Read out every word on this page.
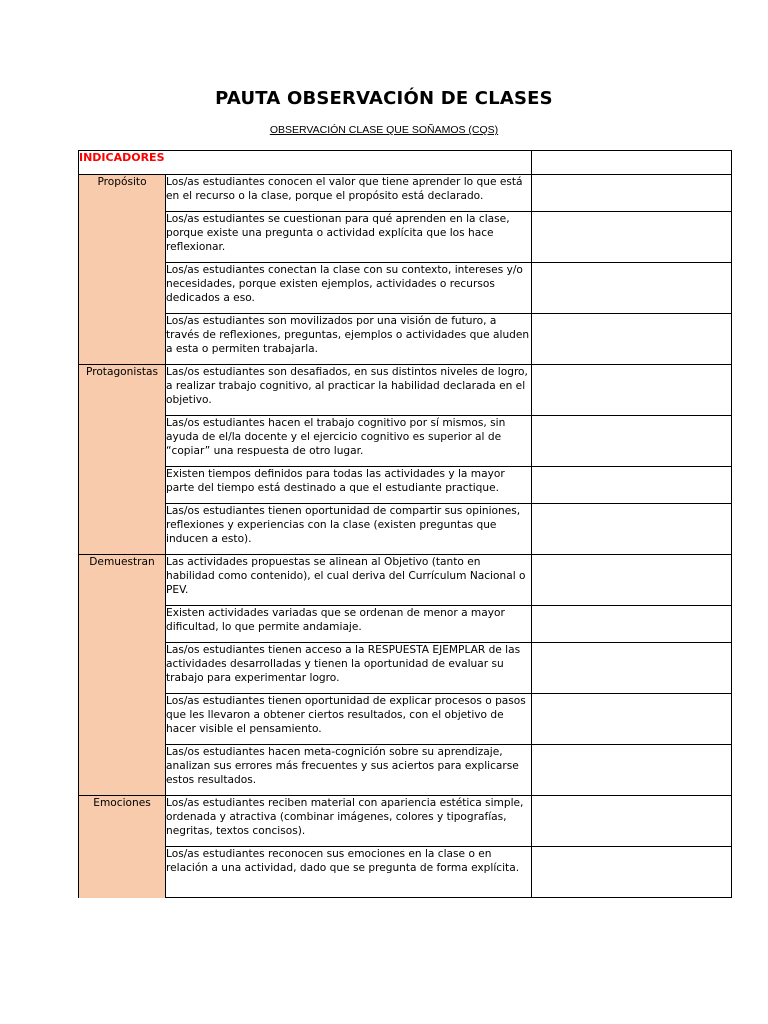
PAUTA OBSERVACIÓN DE CLASES
OBSERVACIÓN CLASE QUE SOÑAMOS (CQS)
INDICADORES		

Propósito	Los/as estudiantes conocen el valor que tiene aprender lo que está en el recurso o la clase, porque el propósito está declarado.	
	Los/as estudiantes se cuestionan para qué aprenden en la clase, porque existe una pregunta o actividad explícita que los hace reflexionar.	
	Los/as estudiantes conectan la clase con su contexto, intereses y/o necesidades, porque existen ejemplos, actividades o recursos dedicados a eso.	
	Los/as estudiantes son movilizados por una visión de futuro, a través de reflexiones, preguntas, ejemplos o actividades que aluden a esta o permiten trabajarla.	
Protagonistas	Las/os estudiantes son desafiados, en sus distintos niveles de logro, a realizar trabajo cognitivo, al practicar la habilidad declarada en el objetivo.	
	Las/os estudiantes hacen el trabajo cognitivo por sí mismos, sin ayuda de el/la docente y el ejercicio cognitivo es superior al de “copiar” una respuesta de otro lugar.	
	Existen tiempos definidos para todas las actividades y la mayor parte del tiempo está destinado a que el estudiante practique.	
	Las/os estudiantes tienen oportunidad de compartir sus opiniones, reflexiones y experiencias con la clase (existen preguntas que inducen a esto).	
Demuestran	Las actividades propuestas se alinean al Objetivo (tanto en habilidad como contenido), el cual deriva del Currículum Nacional o PEV.	
	Existen actividades variadas que se ordenan de menor a mayor dificultad, lo que permite andamiaje.	
	Las/os estudiantes tienen acceso a la RESPUESTA EJEMPLAR de las actividades desarrolladas y tienen la oportunidad de evaluar su trabajo para experimentar logro.	
	Los/as estudiantes tienen oportunidad de explicar procesos o pasos que les llevaron a obtener ciertos resultados, con el objetivo de hacer visible el pensamiento.	
	Las/os estudiantes hacen meta-cognición sobre su aprendizaje, analizan sus errores más frecuentes y sus aciertos para explicarse estos resultados.	
Emociones	Los/as estudiantes reciben material con apariencia estética simple, ordenada y atractiva (combinar imágenes, colores y tipografías, negritas, textos concisos).	
	Los/as estudiantes reconocen sus emociones en la clase o en relación a una actividad, dado que se pregunta de forma explícita.	
